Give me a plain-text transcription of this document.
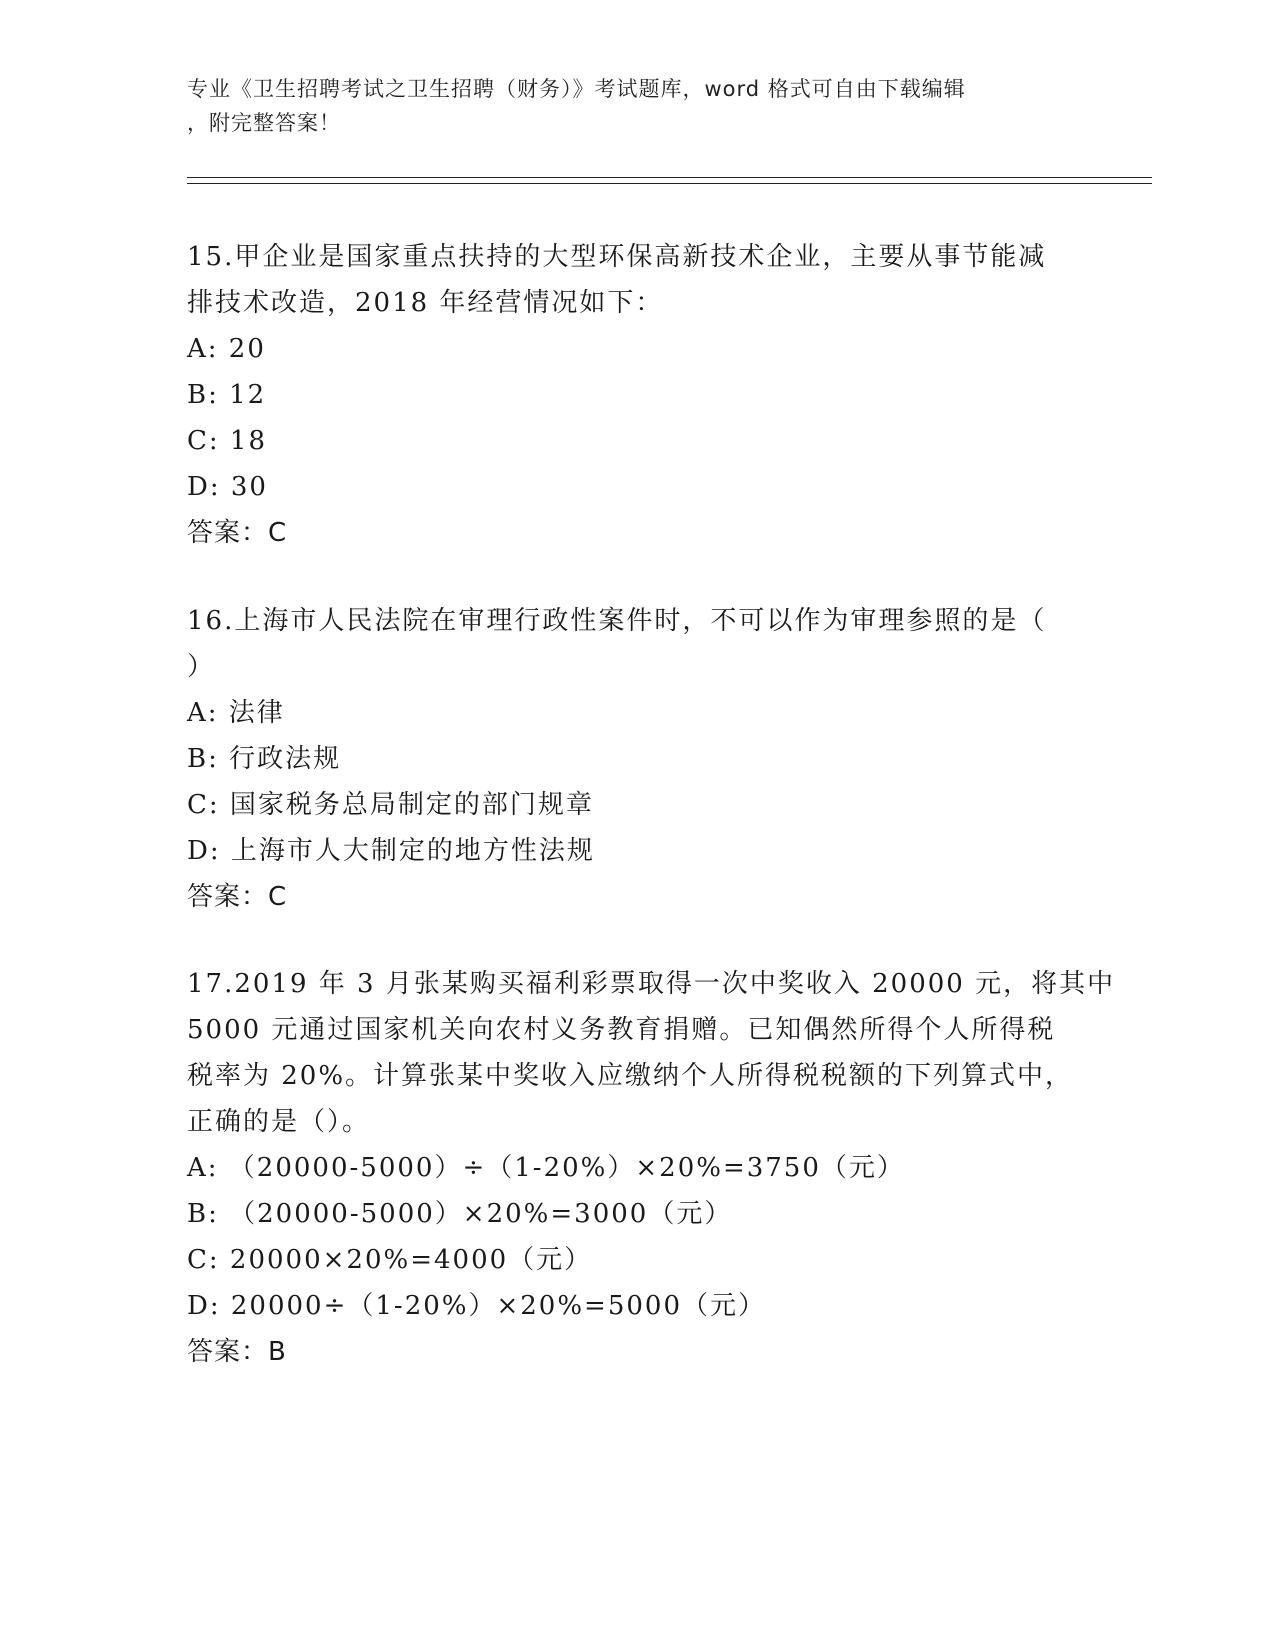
专业《卫生招聘考试之卫生招聘（财务）》考试题库，word 格式可自由下载编辑
，附完整答案！
15.甲企业是国家重点扶持的大型环保高新技术企业，主要从事节能减
排技术改造，2018 年经营情况如下：
A: 20
B: 12
C: 18
D: 30
答案：C
16.上海市人民法院在审理行政性案件时，不可以作为审理参照的是（
）
A: 法律
B: 行政法规
C: 国家税务总局制定的部门规章
D: 上海市人大制定的地方性法规
答案：C
17.2019 年 3 月张某购买福利彩票取得一次中奖收入 20000 元，将其中
5000 元通过国家机关向农村义务教育捐赠。已知偶然所得个人所得税
税率为 20%。计算张某中奖收入应缴纳个人所得税税额的下列算式中，
正确的是（）。
A: （20000-5000）÷（1-20%）×20%=3750（元）
B: （20000-5000）×20%=3000（元）
C: 20000×20%=4000（元）
D: 20000÷（1-20%）×20%=5000（元）
答案：B
